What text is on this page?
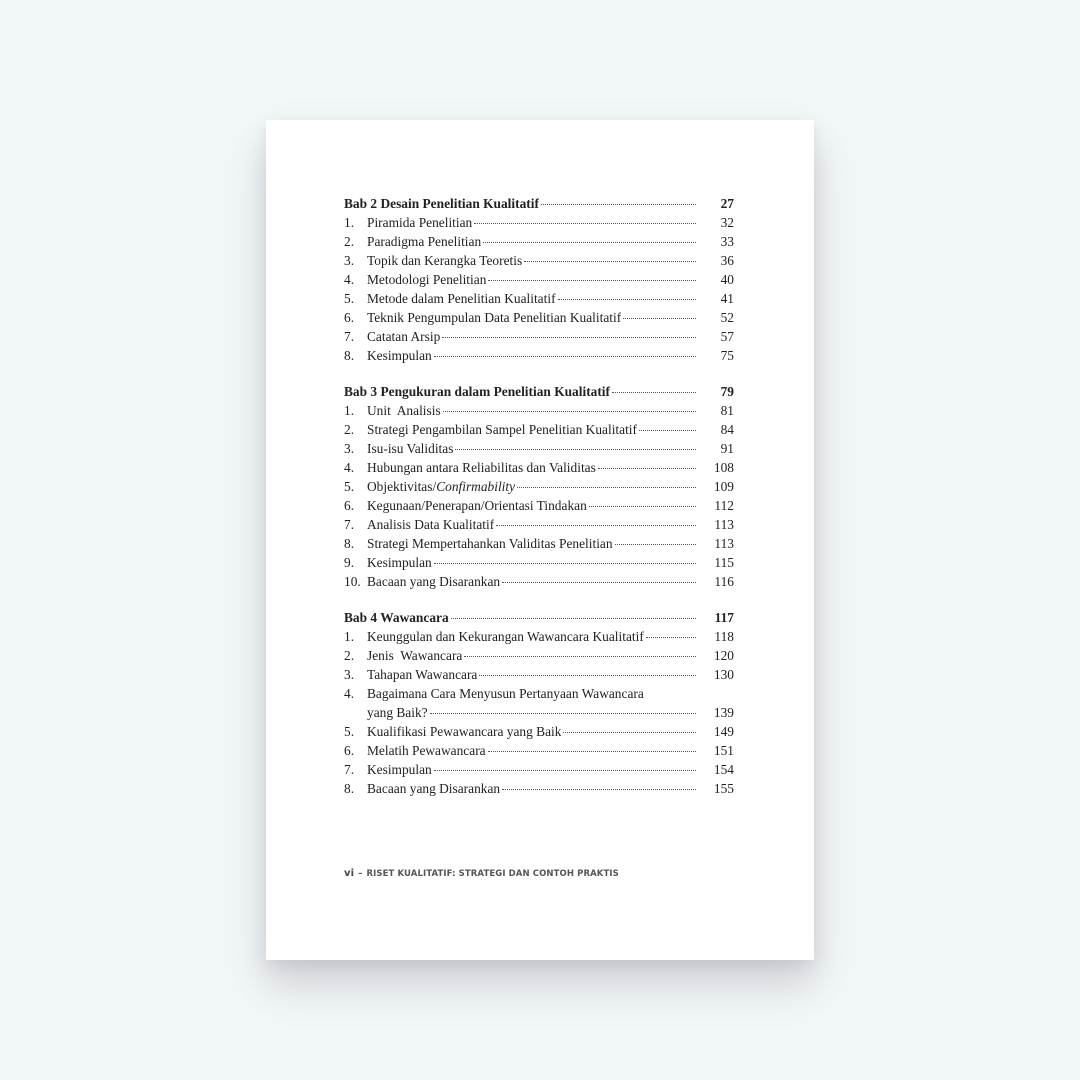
Bab 2 Desain Penelitian Kualitatif	27
1. Piramida Penelitian	32
2. Paradigma Penelitian	33
3. Topik dan Kerangka Teoretis	36
4. Metodologi Penelitian	40
5. Metode dalam Penelitian Kualitatif	41
6. Teknik Pengumpulan Data Penelitian Kualitatif	52
7. Catatan Arsip	57
8. Kesimpulan	75
Bab 3 Pengukuran dalam Penelitian Kualitatif	79
1. Unit  Analisis	81
2. Strategi Pengambilan Sampel Penelitian Kualitatif	84
3. Isu-isu Validitas	91
4. Hubungan antara Reliabilitas dan Validitas	108
5. Objektivitas/Confirmability	109
6. Kegunaan/Penerapan/Orientasi Tindakan	112
7. Analisis Data Kualitatif	113
8. Strategi Mempertahankan Validitas Penelitian	113
9. Kesimpulan	115
10. Bacaan yang Disarankan	116
Bab 4 Wawancara	117
1. Keunggulan dan Kekurangan Wawancara Kualitatif	118
2. Jenis  Wawancara	120
3. Tahapan Wawancara	130
4. Bagaimana Cara Menyusun Pertanyaan Wawancara
yang Baik?	139
5. Kualifikasi Pewawancara yang Baik	149
6. Melatih Pewawancara	151
7. Kesimpulan	154
8. Bacaan yang Disarankan	155
vi – RISET KUALITATIF: STRATEGI DAN CONTOH PRAKTIS
